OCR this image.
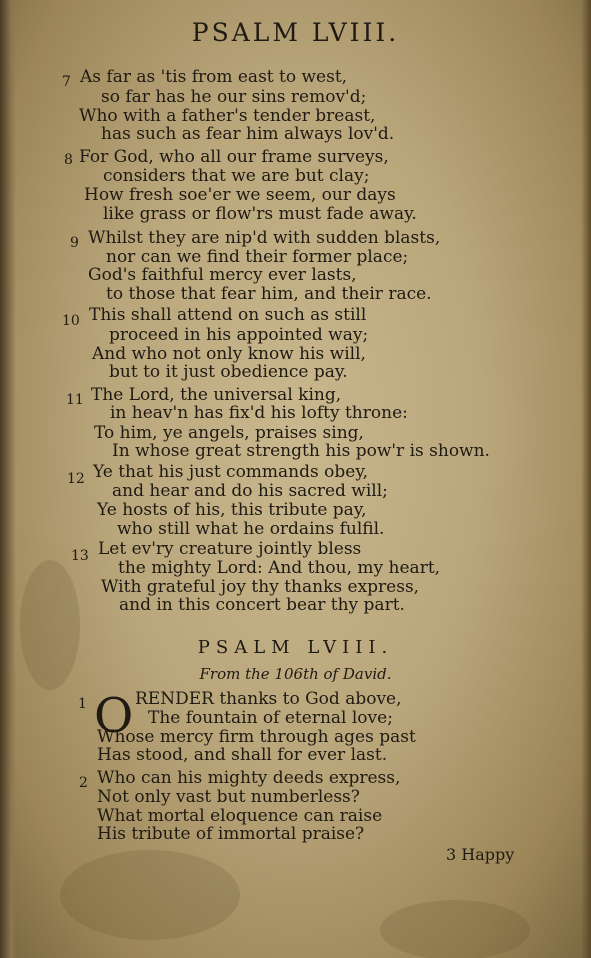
PSALM LVIII.
7 As far as 'tis from east to west,
so far has he our sins remov'd;
Who with a father's tender breast,
has such as fear him always lov'd.
8 For God, who all our frame surveys,
considers that we are but clay;
How fresh soe'er we seem, our days
like grass or flow'rs must fade away.
9 Whilst they are nip'd with sudden blasts,
nor can we find their former place;
God's faithful mercy ever lasts,
to those that fear him, and their race.
10 This shall attend on such as still
proceed in his appointed way;
And who not only know his will,
but to it just obedience pay.
11 The Lord, the universal king,
in heav'n has fix'd his lofty throne:
To him, ye angels, praises sing,
In whose great strength his pow'r is shown.
12 Ye that his just commands obey,
and hear and do his sacred will;
Ye hosts of his, this tribute pay,
who still what he ordains fulfil.
13 Let ev'ry creature jointly bless
the mighty Lord: And thou, my heart,
With grateful joy thy thanks express,
and in this concert bear thy part.
PSALM LVIII.
From the 106th of David.
1 O RENDER thanks to God above,
The fountain of eternal love;
Whose mercy firm through ages past
Has stood, and shall for ever last.
2 Who can his mighty deeds express,
Not only vast but numberless?
What mortal eloquence can raise
His tribute of immortal praise?
3 Happy
